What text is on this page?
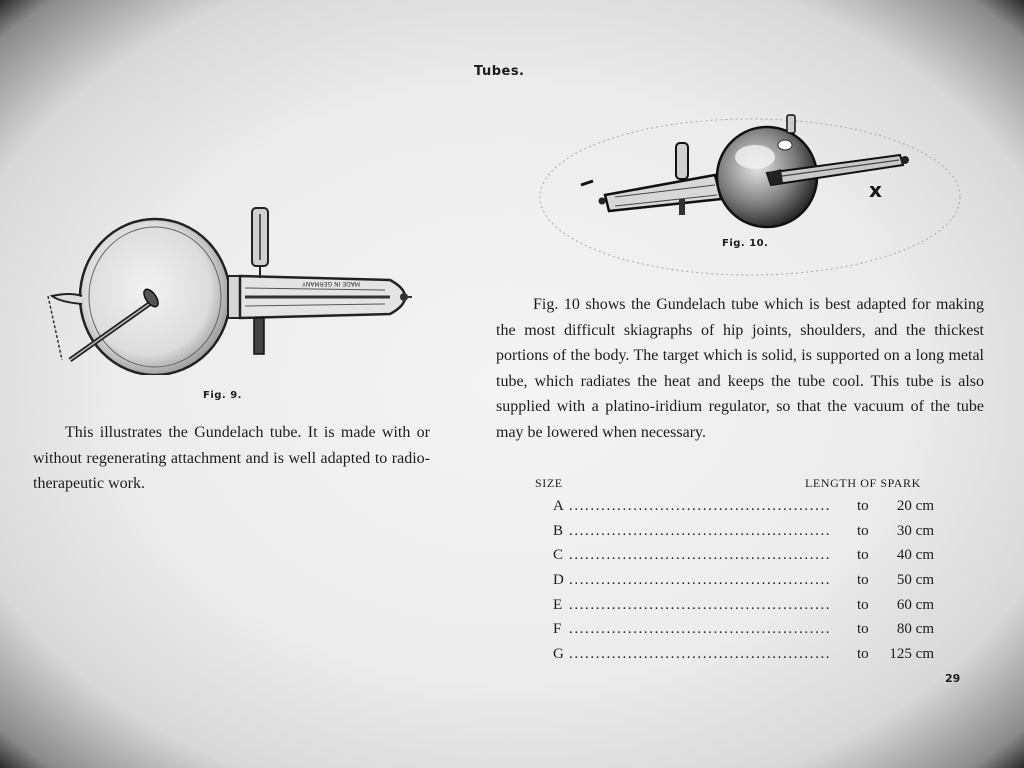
Tubes.
MADE IN GERMANY
Fig. 9.
x
Fig. 10.
This illustrates the Gundelach tube. It is made with or without regenerating attachment and is well adapted to radio-therapeutic work.
Fig. 10 shows the Gundelach tube which is best adapted for making the most difficult skiagraphs of hip joints, shoulders, and the thickest portions of the body. The target which is solid, is supported on a long metal tube, which radiates the heat and keeps the tube cool. This tube is also supplied with a platino-iridium regulator, so that the vacuum of the tube may be lowered when necessary.
SIZE	LENGTH OF SPARK
A .................................................	to 20 cm
B .................................................	to 30 cm
C .................................................	to 40 cm
D .................................................	to 50 cm
E .................................................	to 60 cm
F .................................................	to 80 cm
G .................................................	to 125 cm
29
